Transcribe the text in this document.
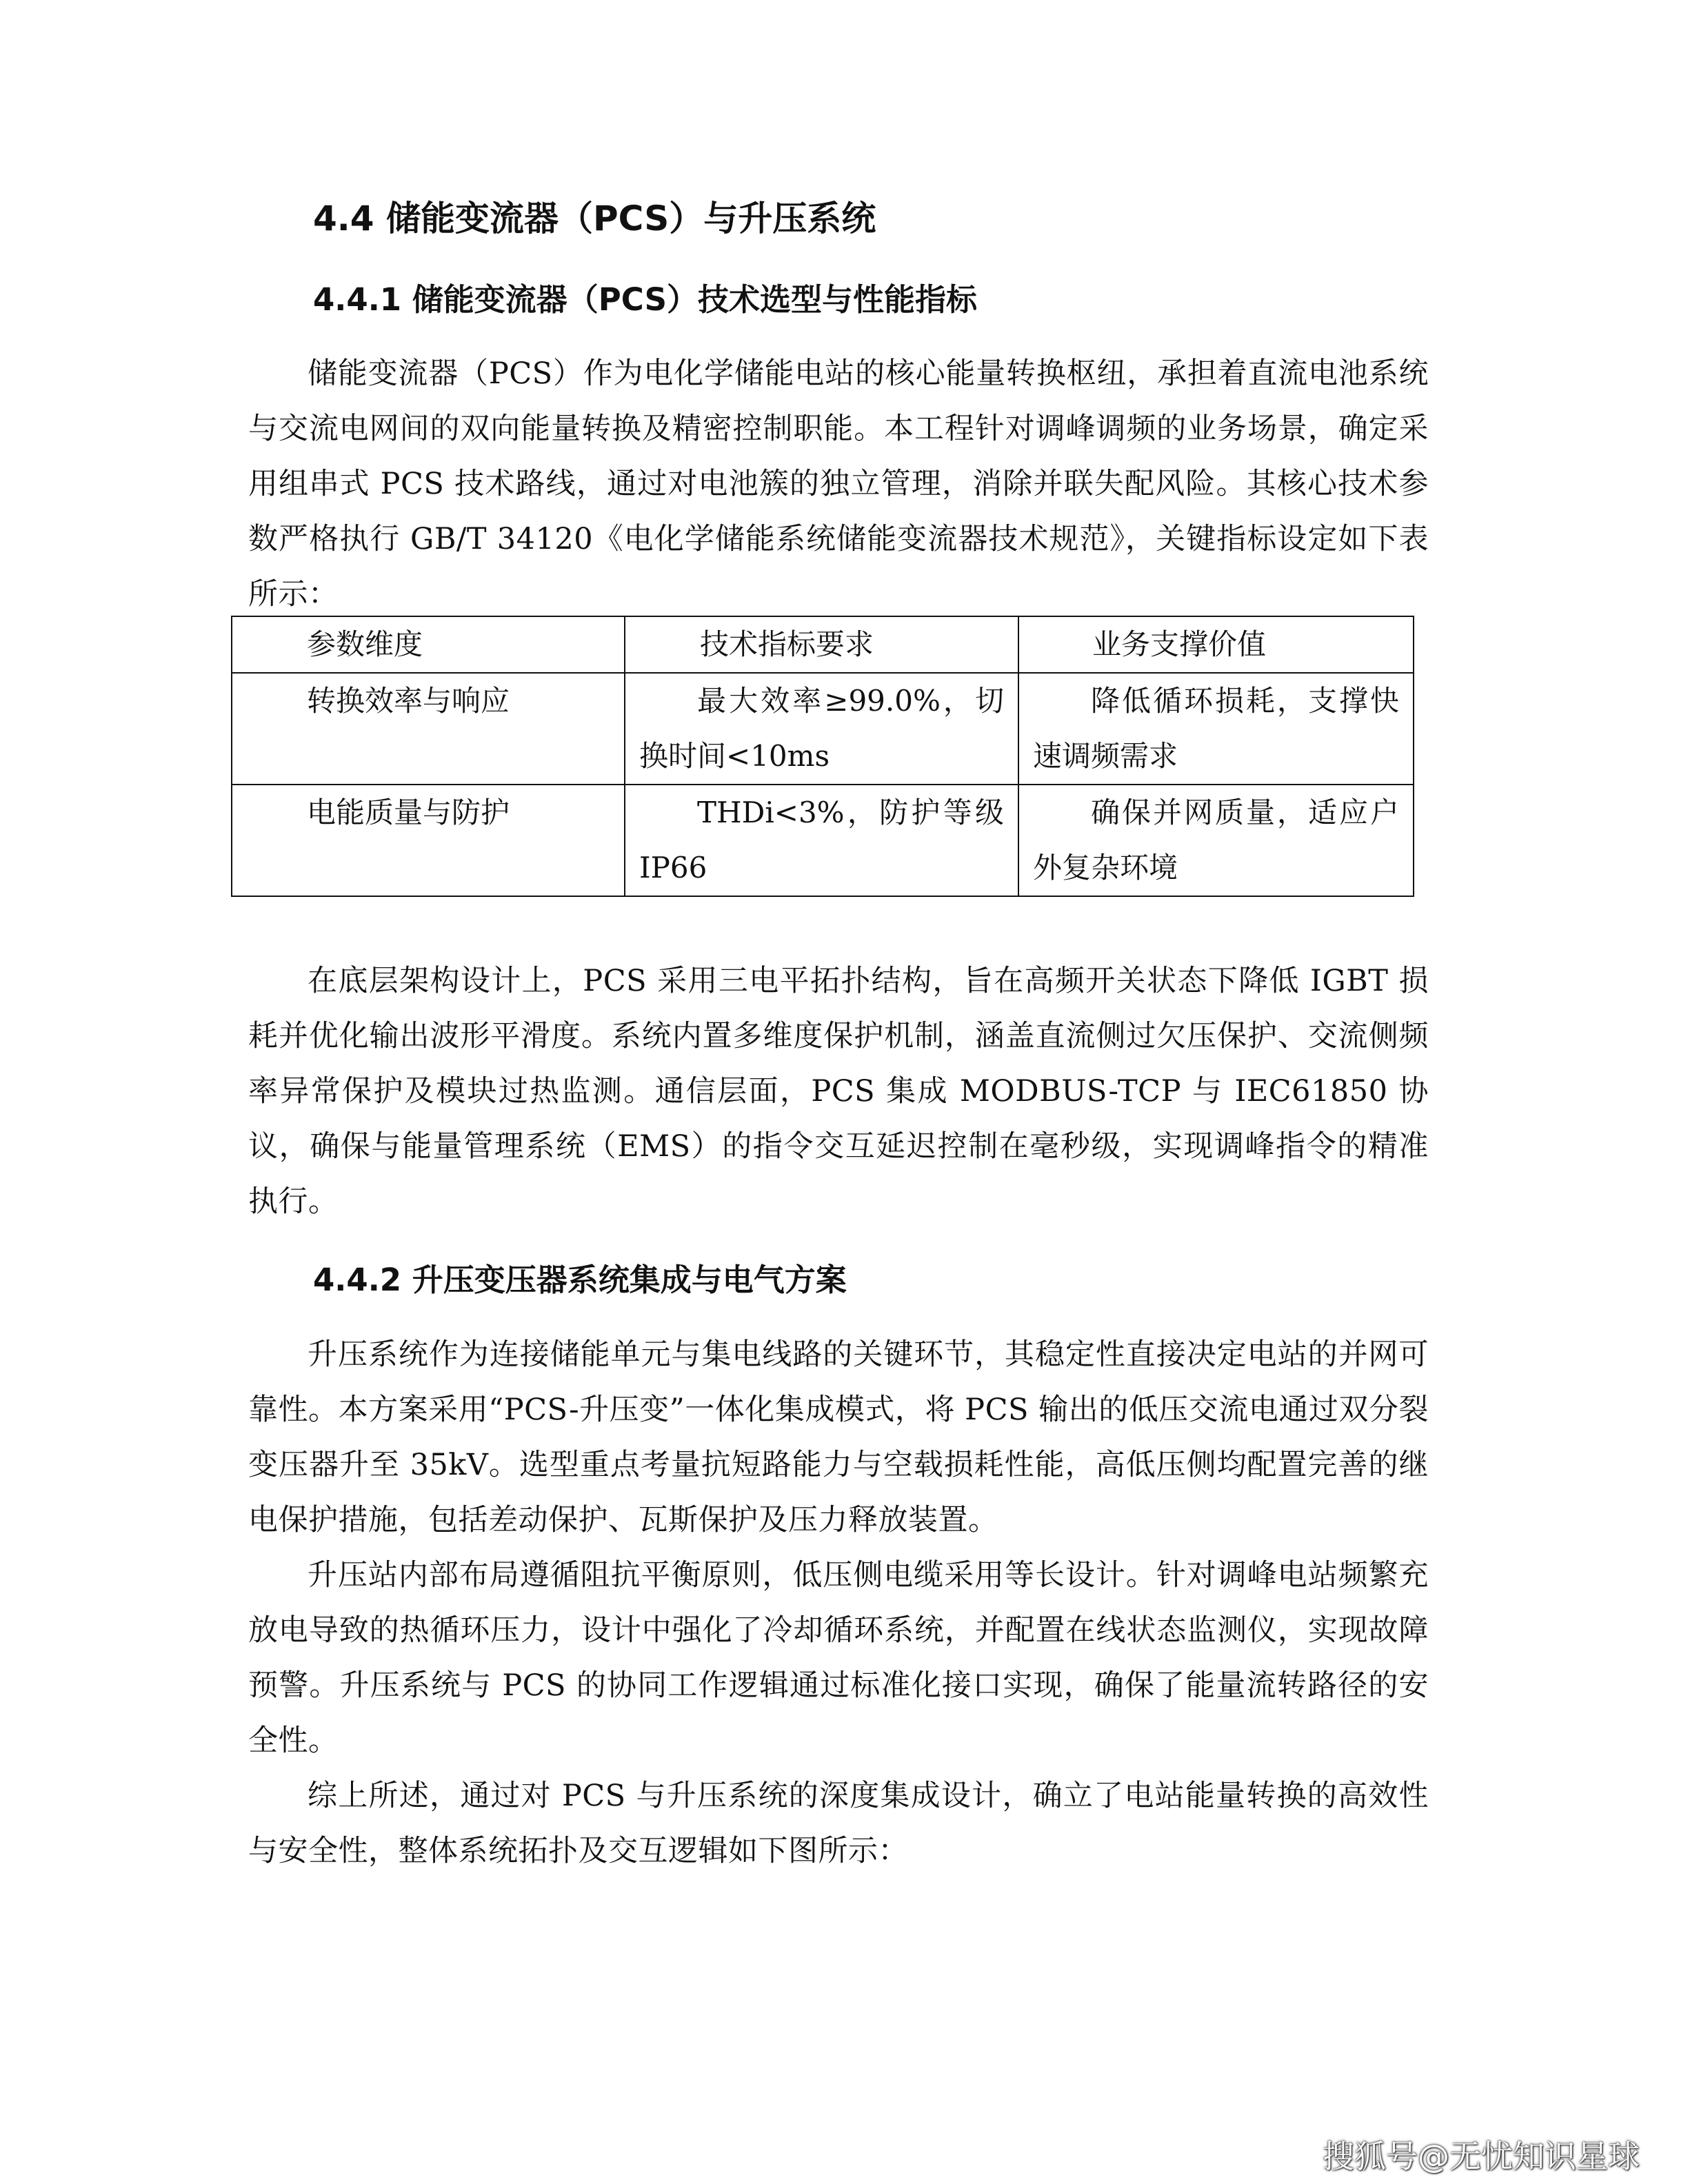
4.4 储能变流器（PCS）与升压系统
4.4.1 储能变流器（PCS）技术选型与性能指标

储能变流器（PCS）作为电化学储能电站的核心能量转换枢纽，承担着直流电池系统与交流电网间的双向能量转换及精密控制职能。本工程针对调峰调频的业务场景，确定采用组串式 PCS 技术路线，通过对电池簇的独立管理，消除并联失配风险。其核心技术参数严格执行 GB/T 34120《电化学储能系统储能变流器技术规范》，关键指标设定如下表所示：

参数维度	技术指标要求	业务支撑价值
转换效率与响应	最大效率≥99.0%，切换时间<10ms	降低循环损耗，支撑快速调频需求
电能质量与防护	THDi<3%，防护等级 IP66	确保并网质量，适应户外复杂环境

在底层架构设计上，PCS 采用三电平拓扑结构，旨在高频开关状态下降低 IGBT 损耗并优化输出波形平滑度。系统内置多维度保护机制，涵盖直流侧过欠压保护、交流侧频率异常保护及模块过热监测。通信层面，PCS 集成 MODBUS-TCP 与 IEC61850 协议，确保与能量管理系统（EMS）的指令交互延迟控制在毫秒级，实现调峰指令的精准执行。

4.4.2 升压变压器系统集成与电气方案

升压系统作为连接储能单元与集电线路的关键环节，其稳定性直接决定电站的并网可靠性。本方案采用“PCS-升压变”一体化集成模式，将 PCS 输出的低压交流电通过双分裂变压器升至 35kV。选型重点考量抗短路能力与空载损耗性能，高低压侧均配置完善的继电保护措施，包括差动保护、瓦斯保护及压力释放装置。

升压站内部布局遵循阻抗平衡原则，低压侧电缆采用等长设计。针对调峰电站频繁充放电导致的热循环压力，设计中强化了冷却循环系统，并配置在线状态监测仪，实现故障预警。升压系统与 PCS 的协同工作逻辑通过标准化接口实现，确保了能量流转路径的安全性。

综上所述，通过对 PCS 与升压系统的深度集成设计，确立了电站能量转换的高效性与安全性，整体系统拓扑及交互逻辑如下图所示：

搜狐号@无忧知识星球
